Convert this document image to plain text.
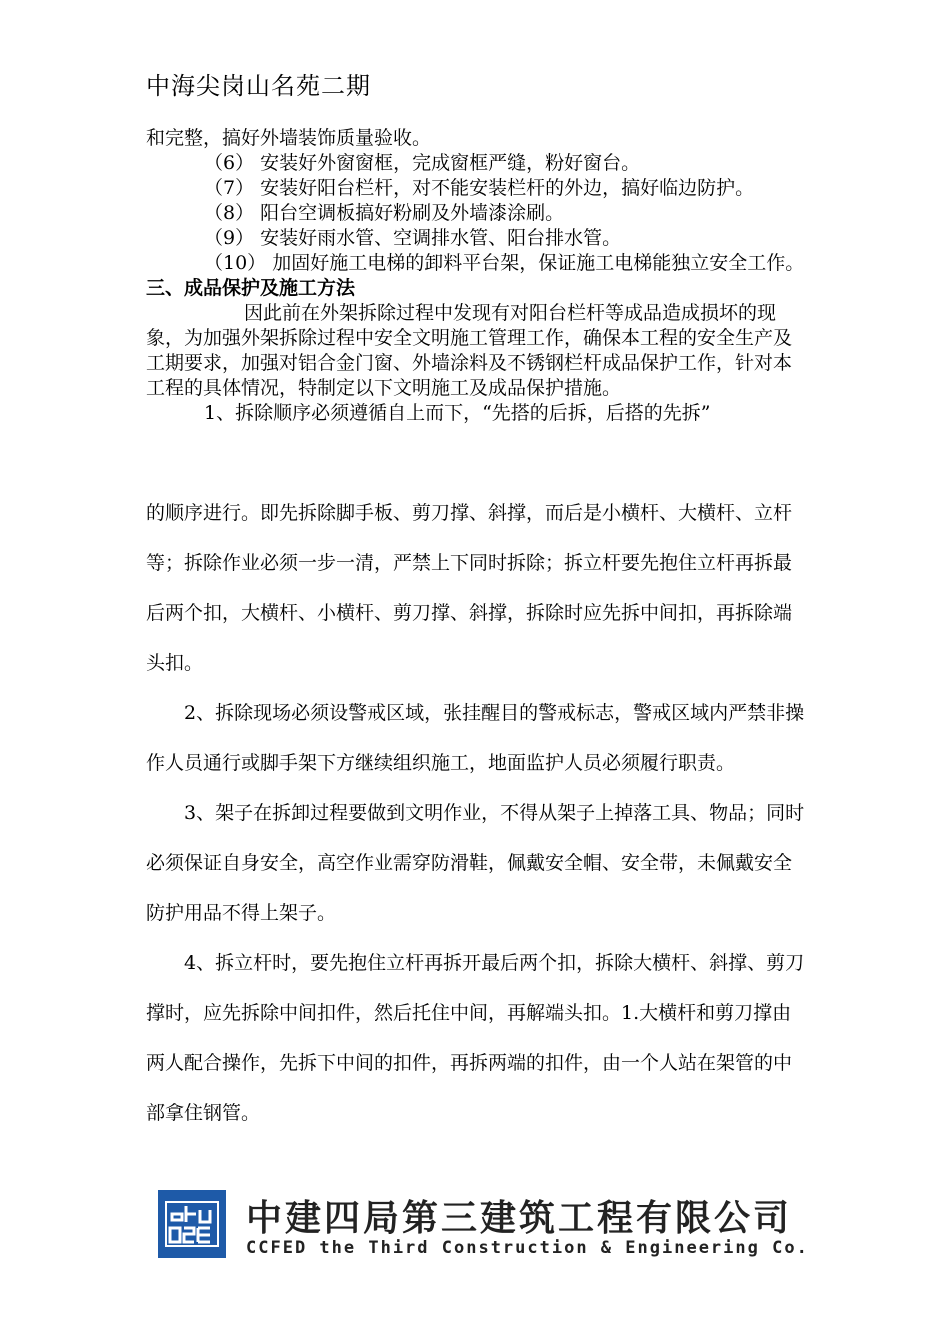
中海尖岗山名苑二期

和完整，搞好外墙装饰质量验收。

（6） 安装好外窗窗框，完成窗框严缝，粉好窗台。

（7） 安装好阳台栏杆，对不能安装栏杆的外边，搞好临边防护。

（8） 阳台空调板搞好粉刷及外墙漆涂刷。

（9） 安装好雨水管、空调排水管、阳台排水管。

（10） 加固好施工电梯的卸料平台架，保证施工电梯能独立安全工作。

三、成品保护及施工方法

因此前在外架拆除过程中发现有对阳台栏杆等成品造成损坏的现象，为加强外架拆除过程中安全文明施工管理工作，确保本工程的安全生产及工期要求，加强对铝合金门窗、外墙涂料及不锈钢栏杆成品保护工作，针对本工程的具体情况，特制定以下文明施工及成品保护措施。

1、拆除顺序必须遵循自上而下，“先搭的后拆，后搭的先拆”

的顺序进行。即先拆除脚手板、剪刀撑、斜撑，而后是小横杆、大横杆、立杆等；拆除作业必须一步一清，严禁上下同时拆除；拆立杆要先抱住立杆再拆最后两个扣，大横杆、小横杆、剪刀撑、斜撑，拆除时应先拆中间扣，再拆除端头扣。

2、拆除现场必须设警戒区域，张挂醒目的警戒标志，警戒区域内严禁非操作人员通行或脚手架下方继续组织施工，地面监护人员必须履行职责。

3、架子在拆卸过程要做到文明作业，不得从架子上掉落工具、物品；同时必须保证自身安全，高空作业需穿防滑鞋，佩戴安全帽、安全带，未佩戴安全防护用品不得上架子。

4、拆立杆时，要先抱住立杆再拆开最后两个扣，拆除大横杆、斜撑、剪刀撑时，应先拆除中间扣件，然后托住中间，再解端头扣。1.大横杆和剪刀撑由两人配合操作，先拆下中间的扣件，再拆两端的扣件，由一个人站在架管的中部拿住钢管。

中建四局第三建筑工程有限公司
CCFED the Third Construction & Engineering Co.
